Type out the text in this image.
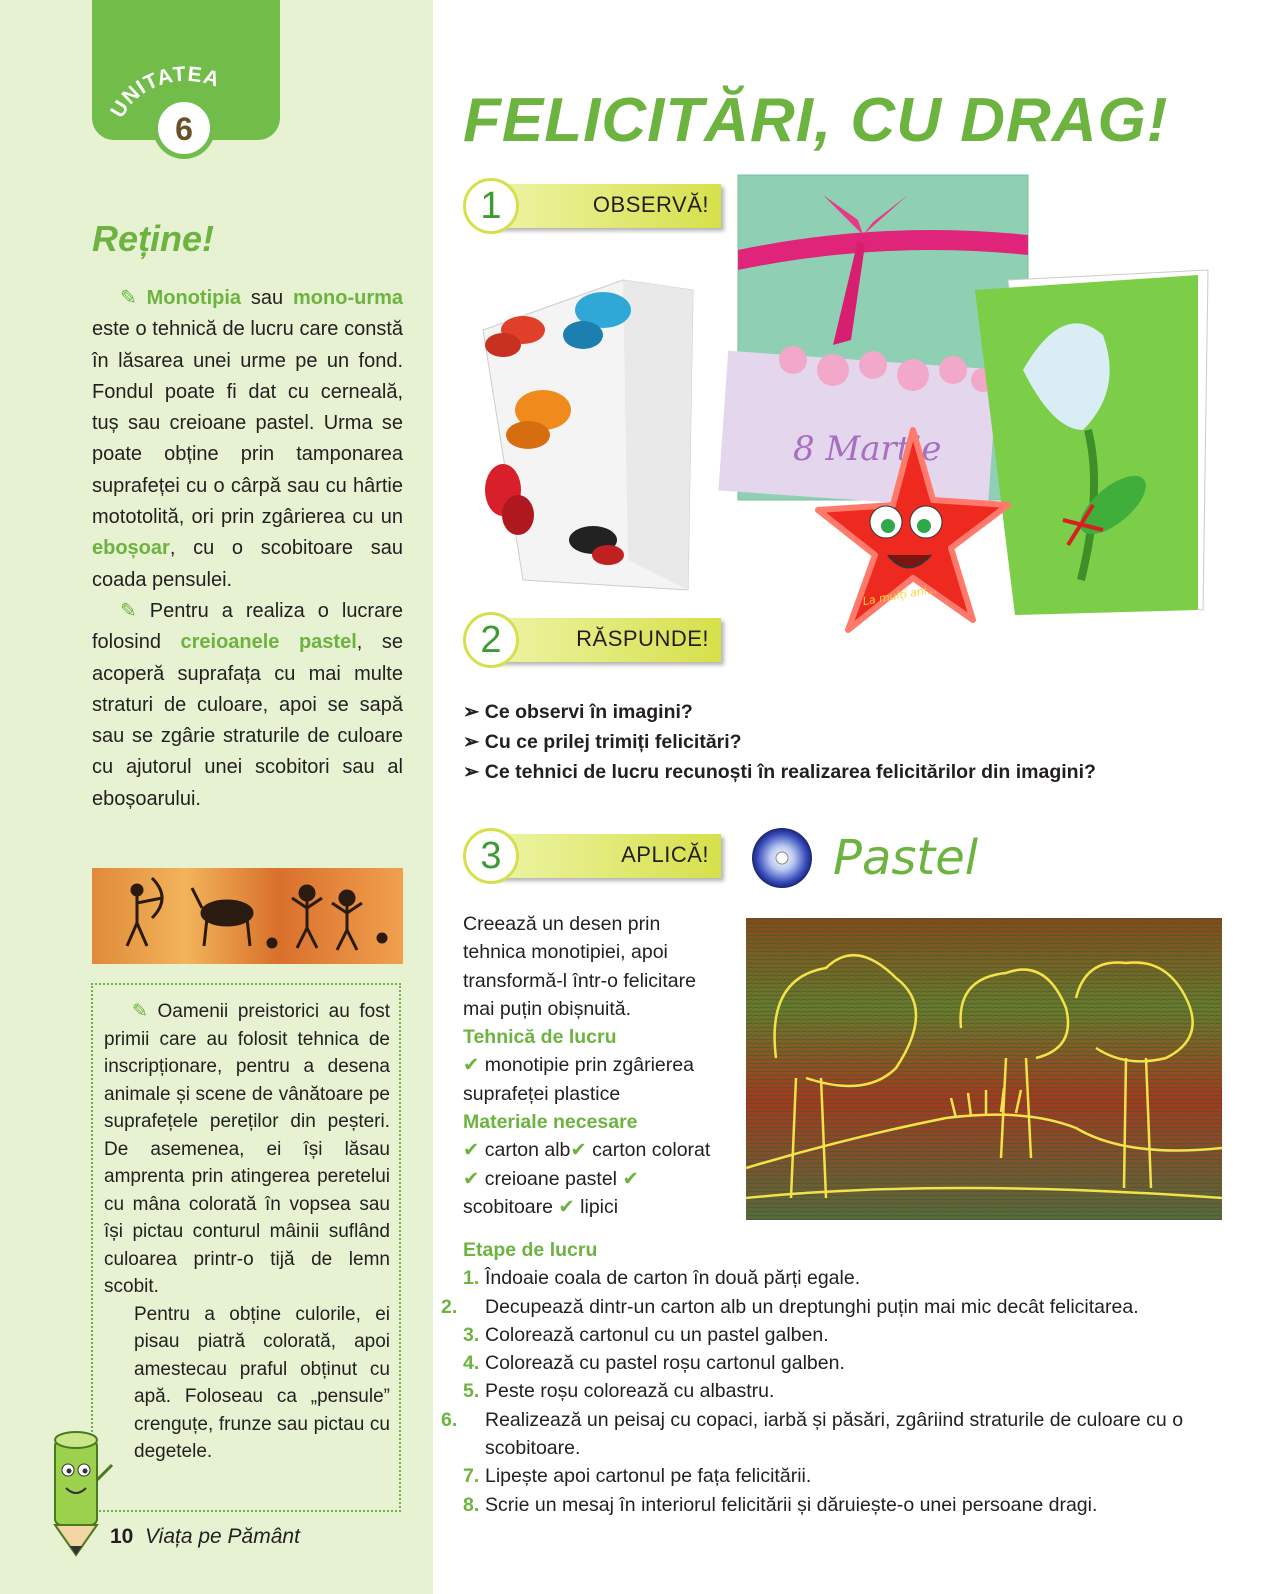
UNITATEA
6
Reține!

✎ Monotipia sau mono-urma este o tehnică de lucru care constă în lăsarea unei urme pe un fond. Fondul poate fi dat cu cerneală, tuș sau creioane pastel. Urma se poate obține prin tamponarea suprafeței cu o cârpă sau cu hârtie mototolită, ori prin zgârierea cu un eboșoar, cu o scobitoare sau coada pensulei.

✎ Pentru a realiza o lucrare folosind creioanele pastel, se acoperă suprafața cu mai multe straturi de culoare, apoi se sapă sau se zgârie straturile de culoare cu ajutorul unei scobitori sau al eboșoarului.

✎ Oamenii preistorici au fost primii care au folosit tehnica de inscripționare, pentru a desena animale și scene de vânătoare pe suprafețele pereților din peșteri. De asemenea, ei își lăsau amprenta prin atingerea peretelui cu mâna colorată în vopsea sau își pictau conturul mâinii suflând culoarea printr-o tijă de lemn scobit.

Pentru a obține culorile, ei pisau piatră colorată, apoi amestecau praful obținut cu apă. Foloseau ca „pensule” crenguțe, frunze sau pictau cu degetele.

10 Viața pe Pământ
FELICITĂRI, CU DRAG!
1	OBSERVĂ!
8 Martie
La mulți ani...
2	RĂSPUNDE!
➢ Ce observi în imagini?
➢ Cu ce prilej trimiți felicitări?
➢ Ce tehnici de lucru recunoști în realizarea felicitărilor din imagini?
3	APLICĂ!	Pastel
Creează un desen prin tehnica monotipiei, apoi transformă-l într-o felicitare mai puțin obișnuită.
Tehnică de lucru
✔ monotipie prin zgârierea suprafeței plastice
Materiale necesare
✔ carton alb✔ carton colorat ✔ creioane pastel ✔ scobitoare ✔ lipici
Etape de lucru
1. Îndoaie coala de carton în două părți egale.
2. Decupează dintr-un carton alb un dreptunghi puțin mai mic decât felicitarea.
3. Colorează cartonul cu un pastel galben.
4. Colorează cu pastel roșu cartonul galben.
5. Peste roșu colorează cu albastru.
6. Realizează un peisaj cu copaci, iarbă și păsări, zgâriind straturile de culoare cu o scobitoare.
7. Lipește apoi cartonul pe fața felicitării.
8. Scrie un mesaj în interiorul felicitării și dăruiește-o unei persoane dragi.
